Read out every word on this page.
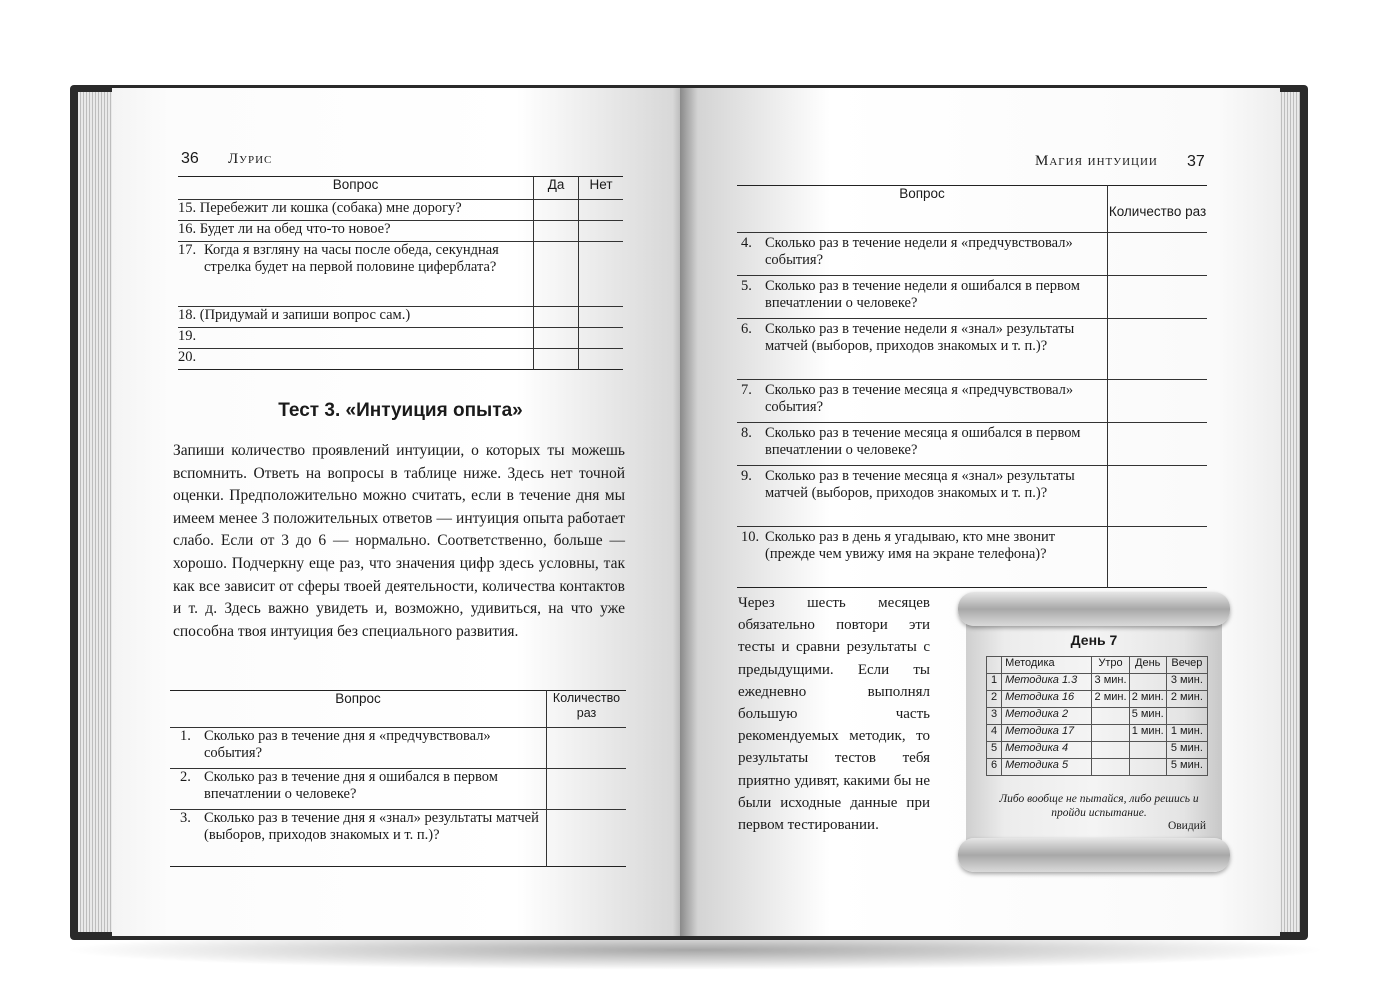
36 Лурис
Вопрос	Да	Нет
15. Перебежит ли кошка (собака) мне дорогу?		
16. Будет ли на обед что-то новое?		

17. Когда я взгляну на часы после обеда, секундная стрелка будет на первой половине циферблата?		

18. (Придумай и запиши вопрос сам.)		
19.		
20.		
Тест 3. «Интуиция опыта»
Запиши количество проявлений интуиции, о которых ты можешь вспомнить. Ответь на вопросы в таблице ниже. Здесь нет точной оценки. Предположительно можно считать, если в течение дня мы имеем менее 3 положительных ответов — интуиция опыта работает слабо. Если от 3 до 6 — нормально. Соответственно, больше — хорошо. Подчеркну еще раз, что значения цифр здесь условны, так как все зависит от сферы твоей деятельности, количества контактов и т. д. Здесь важно увидеть и, возможно, удивиться, на что уже способна твоя интуиция без специального развития.
Вопрос	Количество раз

1. Сколько раз в течение дня я «предчувствовал» события?	

2. Сколько раз в течение дня я ошибался в первом впечатлении о человеке?	

3. Сколько раз в течение дня я «знал» результаты матчей (выборов, приходов знакомых и т. п.)?	

Магия интуиции 37
Вопрос	Количество раз

4. Сколько раз в течение недели я «предчувствовал» события?	

5. Сколько раз в течение недели я ошибался в первом впечатлении о человеке?	

6. Сколько раз в течение недели я «знал» результаты матчей (выборов, приходов знакомых и т. п.)?	

7. Сколько раз в течение месяца я «предчувствовал» события?	

8. Сколько раз в течение месяца я ошибался в первом впечатлении о человеке?	

9. Сколько раз в течение месяца я «знал» результаты матчей (выборов, приходов знакомых и т. п.)?	

10. Сколько раз в день я угадываю, кто мне звонит (прежде чем увижу имя на экране телефона)?	

Через шесть месяцев обязательно повтори эти тесты и сравни результаты с предыдущими. Если ты ежедневно выполнял большую часть рекомендуемых методик, то результаты тестов тебя приятно удивят, какими бы не были исходные данные при первом тестировании.
День 7
	Методика	Утро	День	Вечер
1	Методика 1.3	3 мин.		3 мин.
2	Методика 16	2 мин.	2 мин.	2 мин.
3	Методика 2		5 мин.	
4	Методика 17		1 мин.	1 мин.
5	Методика 4			5 мин.
6	Методика 5			5 мин.
Либо вообще не пытайся, либо решись и пройди испытание.
Овидий
